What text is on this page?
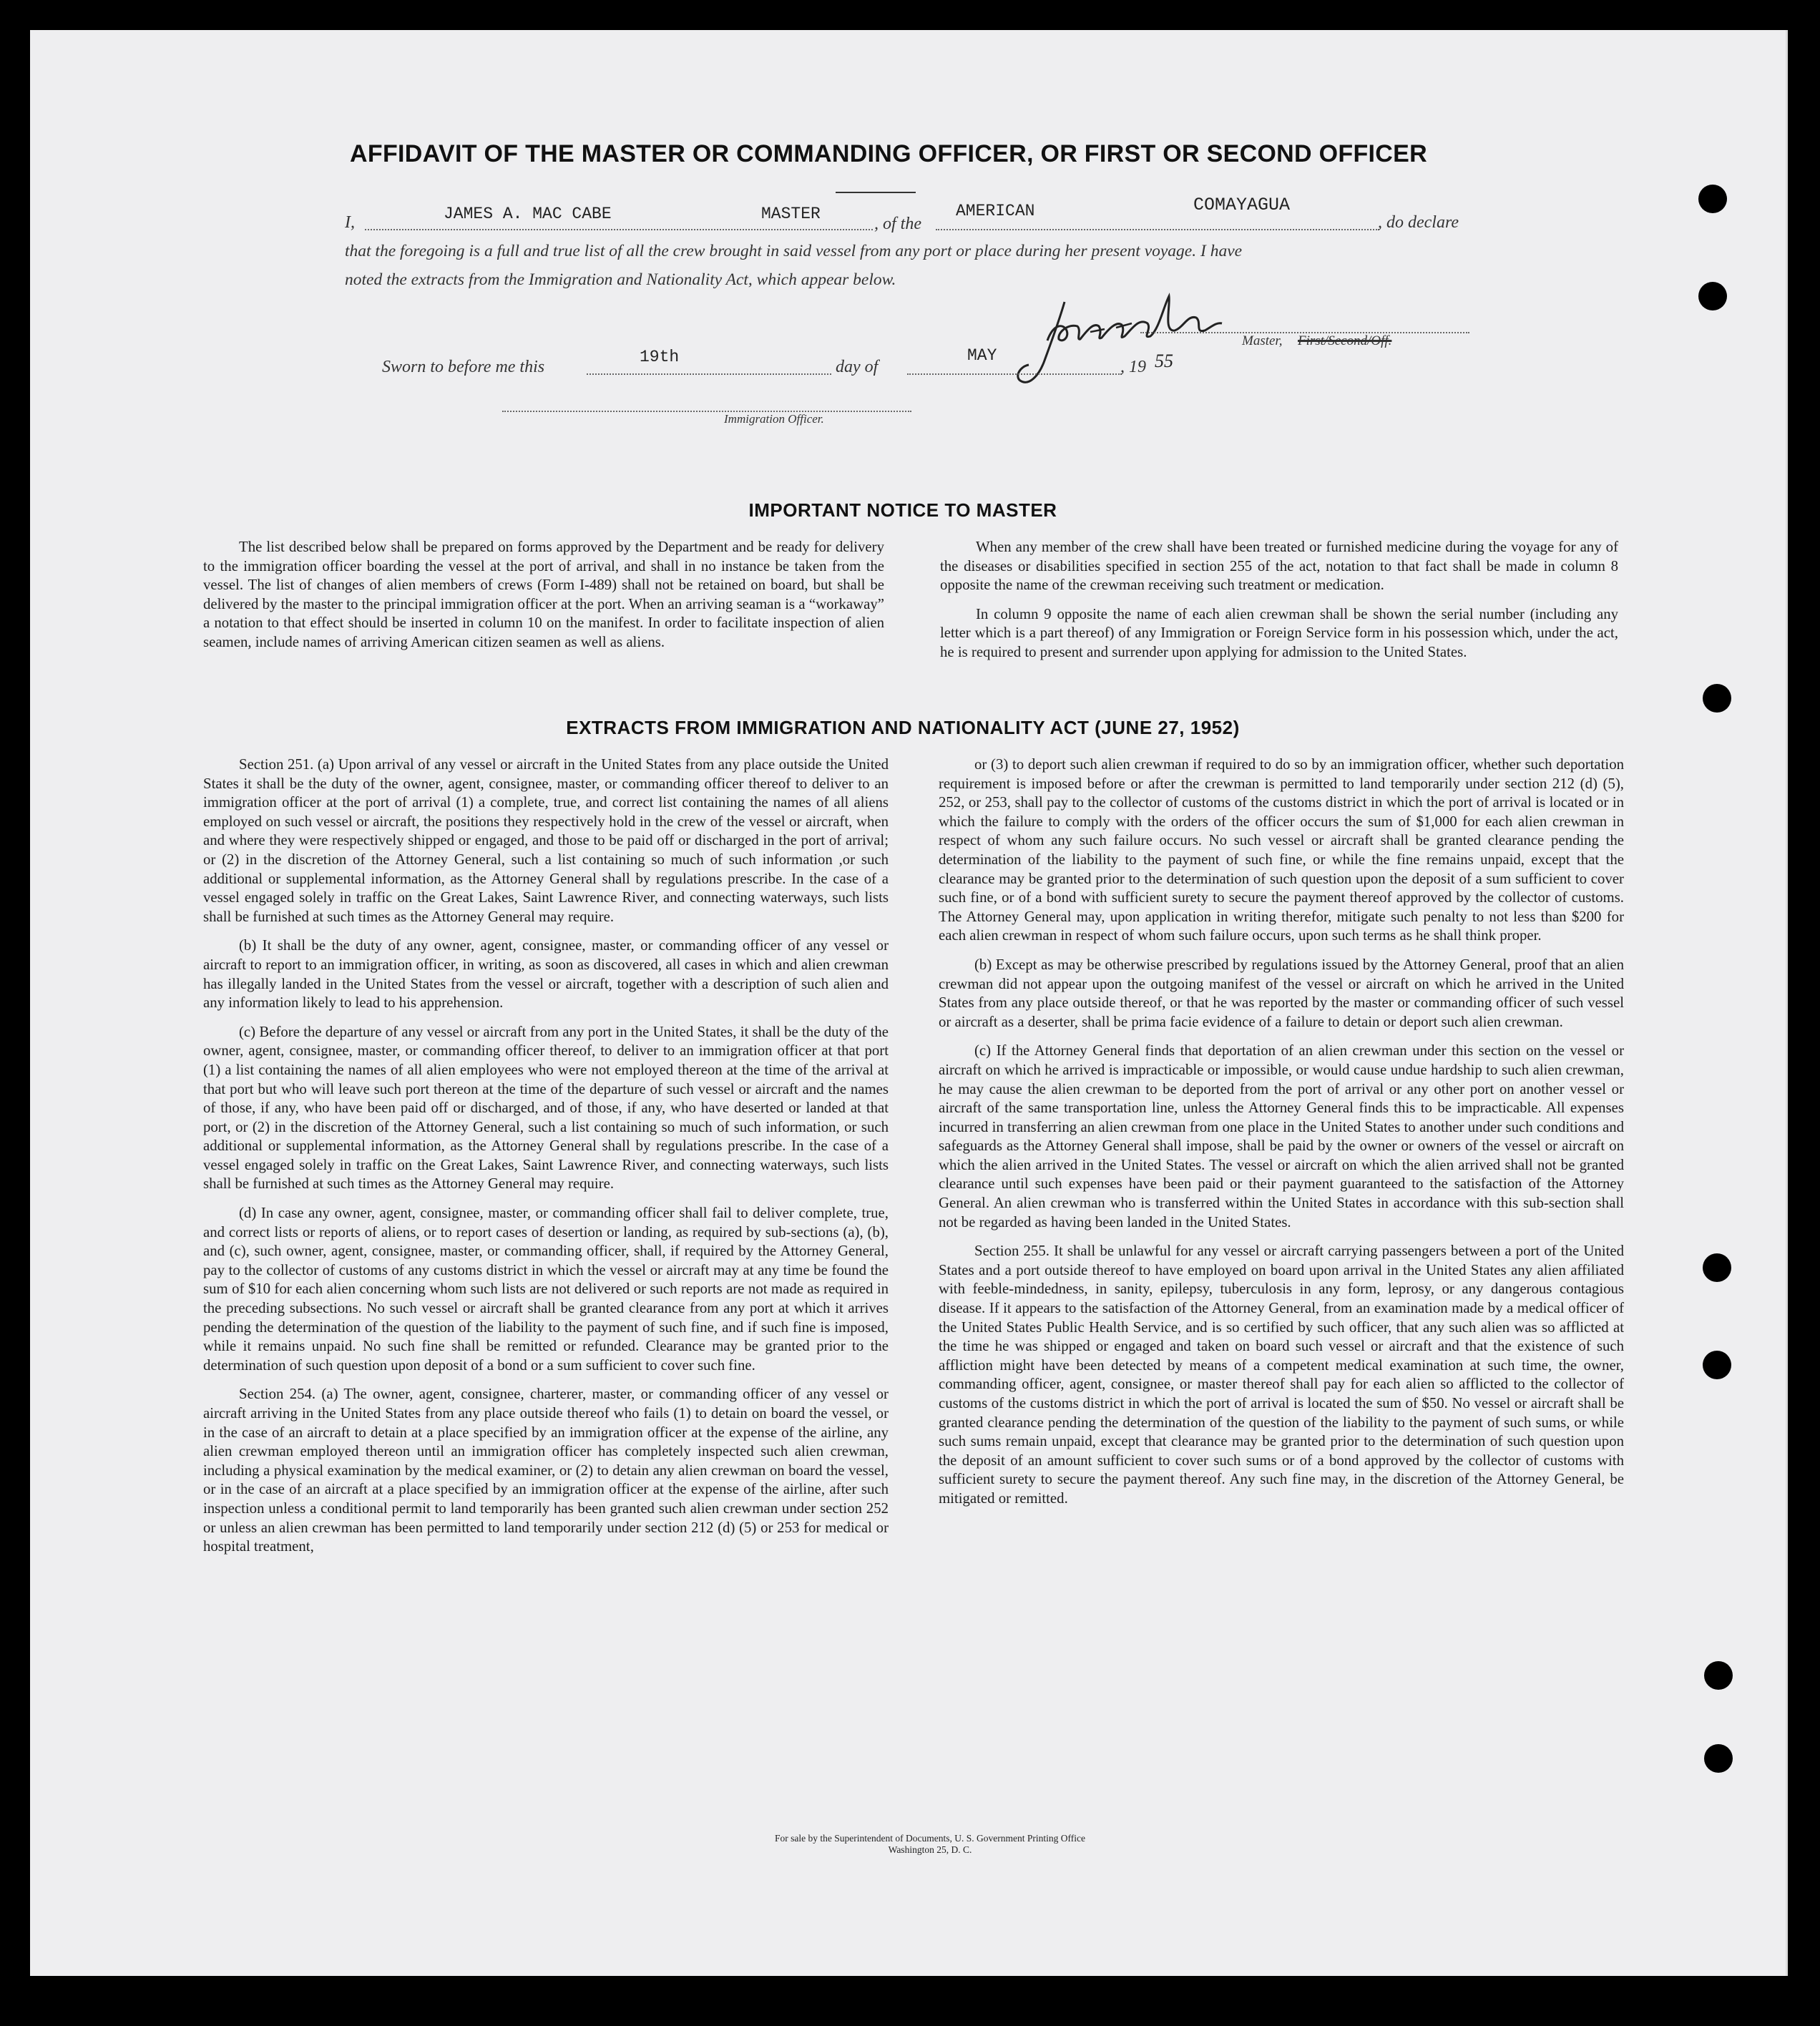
AFFIDAVIT OF THE MASTER OR COMMANDING OFFICER, OR FIRST OR SECOND OFFICER
I,	JAMES A. MAC CABE	MASTER
, of the
AMERICAN	COMAYAGUA
, do declare
that the foregoing is a full and true list of all the crew brought in said vessel from any port or place during her present voyage. I have
noted the extracts from the Immigration and Nationality Act, which appear below.
Master, First/Second/Off.
Sworn to before me this
19th
day of
MAY
, 19 55
Immigration Officer.
IMPORTANT NOTICE TO MASTER

The list described below shall be prepared on forms approved by the Department and be ready for delivery to the immigration officer boarding the vessel at the port of arrival, and shall in no instance be taken from the vessel. The list of changes of alien members of crews (Form I-489) shall not be retained on board, but shall be delivered by the master to the principal immigration officer at the port. When an arriving seaman is a “workaway” a notation to that effect should be inserted in column 10 on the manifest. In order to facilitate inspection of alien seamen, include names of arriving American citizen seamen as well as aliens.

When any member of the crew shall have been treated or furnished medicine during the voyage for any of the diseases or disabilities specified in section 255 of the act, notation to that fact shall be made in column 8 opposite the name of the crewman receiving such treatment or medication.

In column 9 opposite the name of each alien crewman shall be shown the serial number (including any letter which is a part thereof) of any Immigration or Foreign Service form in his possession which, under the act, he is required to present and surrender upon applying for admission to the United States.

EXTRACTS FROM IMMIGRATION AND NATIONALITY ACT (JUNE 27, 1952)

Section 251. (a) Upon arrival of any vessel or aircraft in the United States from any place outside the United States it shall be the duty of the owner, agent, consignee, master, or commanding officer thereof to deliver to an immigration officer at the port of arrival (1) a complete, true, and correct list containing the names of all aliens employed on such vessel or aircraft, the positions they respectively hold in the crew of the vessel or aircraft, when and where they were respectively shipped or engaged, and those to be paid off or discharged in the port of arrival; or (2) in the discretion of the Attorney General, such a list containing so much of such information ,or such additional or supplemental information, as the Attorney General shall by regulations prescribe. In the case of a vessel engaged solely in traffic on the Great Lakes, Saint Lawrence River, and connecting waterways, such lists shall be furnished at such times as the Attorney General may require.

(b) It shall be the duty of any owner, agent, consignee, master, or commanding officer of any vessel or aircraft to report to an immigration officer, in writing, as soon as discovered, all cases in which and alien crewman has illegally landed in the United States from the vessel or aircraft, together with a description of such alien and any information likely to lead to his apprehension.

(c) Before the departure of any vessel or aircraft from any port in the United States, it shall be the duty of the owner, agent, consignee, master, or commanding officer thereof, to deliver to an immigration officer at that port (1) a list containing the names of all alien employees who were not employed thereon at the time of the arrival at that port but who will leave such port thereon at the time of the departure of such vessel or aircraft and the names of those, if any, who have been paid off or discharged, and of those, if any, who have deserted or landed at that port, or (2) in the discretion of the Attorney General, such a list containing so much of such information, or such additional or supplemental information, as the Attorney General shall by regulations prescribe. In the case of a vessel engaged solely in traffic on the Great Lakes, Saint Lawrence River, and connecting waterways, such lists shall be furnished at such times as the Attorney General may require.

(d) In case any owner, agent, consignee, master, or commanding officer shall fail to deliver complete, true, and correct lists or reports of aliens, or to report cases of desertion or landing, as required by sub-sections (a), (b), and (c), such owner, agent, consignee, master, or commanding officer, shall, if required by the Attorney General, pay to the collector of customs of any customs district in which the vessel or aircraft may at any time be found the sum of $10 for each alien concerning whom such lists are not delivered or such reports are not made as required in the preceding subsections. No such vessel or aircraft shall be granted clearance from any port at which it arrives pending the determination of the question of the liability to the payment of such fine, and if such fine is imposed, while it remains unpaid. No such fine shall be remitted or refunded. Clearance may be granted prior to the determination of such question upon deposit of a bond or a sum sufficient to cover such fine.

Section 254. (a) The owner, agent, consignee, charterer, master, or commanding officer of any vessel or aircraft arriving in the United States from any place outside thereof who fails (1) to detain on board the vessel, or in the case of an aircraft to detain at a place specified by an immigration officer at the expense of the airline, any alien crewman employed thereon until an immigration officer has completely inspected such alien crewman, including a physical examination by the medical examiner, or (2) to detain any alien crewman on board the vessel, or in the case of an aircraft at a place specified by an immigration officer at the expense of the airline, after such inspection unless a conditional permit to land temporarily has been granted such alien crewman under section 252 or unless an alien crewman has been permitted to land temporarily under section 212 (d) (5) or 253 for medical or hospital treatment,

or (3) to deport such alien crewman if required to do so by an immigration officer, whether such deportation requirement is imposed before or after the crewman is permitted to land temporarily under section 212 (d) (5), 252, or 253, shall pay to the collector of customs of the customs district in which the port of arrival is located or in which the failure to comply with the orders of the officer occurs the sum of $1,000 for each alien crewman in respect of whom any such failure occurs. No such vessel or aircraft shall be granted clearance pending the determination of the liability to the payment of such fine, or while the fine remains unpaid, except that the clearance may be granted prior to the determination of such question upon the deposit of a sum sufficient to cover such fine, or of a bond with sufficient surety to secure the payment thereof approved by the collector of customs. The Attorney General may, upon application in writing therefor, mitigate such penalty to not less than $200 for each alien crewman in respect of whom such failure occurs, upon such terms as he shall think proper.

(b) Except as may be otherwise prescribed by regulations issued by the Attorney General, proof that an alien crewman did not appear upon the outgoing manifest of the vessel or aircraft on which he arrived in the United States from any place outside thereof, or that he was reported by the master or commanding officer of such vessel or aircraft as a deserter, shall be prima facie evidence of a failure to detain or deport such alien crewman.

(c) If the Attorney General finds that deportation of an alien crewman under this section on the vessel or aircraft on which he arrived is impracticable or impossible, or would cause undue hardship to such alien crewman, he may cause the alien crewman to be deported from the port of arrival or any other port on another vessel or aircraft of the same transportation line, unless the Attorney General finds this to be impracticable. All expenses incurred in transferring an alien crewman from one place in the United States to another under such conditions and safeguards as the Attorney General shall impose, shall be paid by the owner or owners of the vessel or aircraft on which the alien arrived in the United States. The vessel or aircraft on which the alien arrived shall not be granted clearance until such expenses have been paid or their payment guaranteed to the satisfaction of the Attorney General. An alien crewman who is transferred within the United States in accordance with this sub-section shall not be regarded as having been landed in the United States.

Section 255. It shall be unlawful for any vessel or aircraft carrying passengers between a port of the United States and a port outside thereof to have employed on board upon arrival in the United States any alien affiliated with feeble-mindedness, in sanity, epilepsy, tuberculosis in any form, leprosy, or any dangerous contagious disease. If it appears to the satisfaction of the Attorney General, from an examination made by a medical officer of the United States Public Health Service, and is so certified by such officer, that any such alien was so afflicted at the time he was shipped or engaged and taken on board such vessel or aircraft and that the existence of such affliction might have been detected by means of a competent medical examination at such time, the owner, commanding officer, agent, consignee, or master thereof shall pay for each alien so afflicted to the collector of customs of the customs district in which the port of arrival is located the sum of $50. No vessel or aircraft shall be granted clearance pending the determination of the question of the liability to the payment of such sums, or while such sums remain unpaid, except that clearance may be granted prior to the determination of such question upon the deposit of an amount sufficient to cover such sums or of a bond approved by the collector of customs with sufficient surety to secure the payment thereof. Any such fine may, in the discretion of the Attorney General, be mitigated or remitted.

For sale by the Superintendent of Documents, U. S. Government Printing Office
Washington 25, D. C.
